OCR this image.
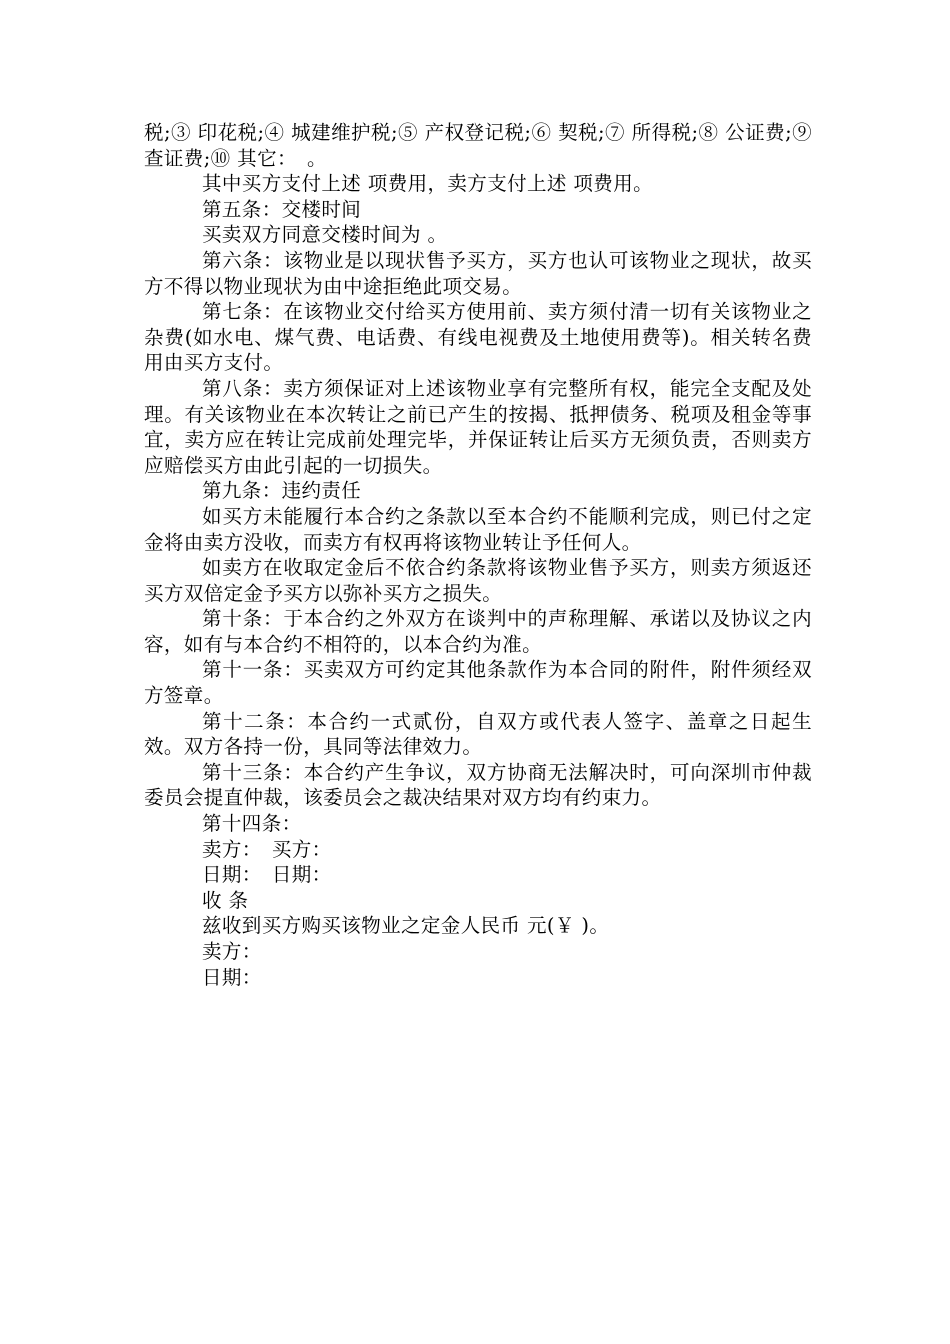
税;③ 印花税;④ 城建维护税;⑤ 产权登记税;⑥ 契税;⑦ 所得税;⑧ 公证费;⑨ 查证费;⑩ 其它：　。

其中买方支付上述 项费用，卖方支付上述 项费用。

第五条：交楼时间

买卖双方同意交楼时间为 。

第六条：该物业是以现状售予买方，买方也认可该物业之现状，故买方不得以物业现状为由中途拒绝此项交易。

第七条：在该物业交付给买方使用前、卖方须付清一切有关该物业之杂费(如水电、煤气费、电话费、有线电视费及土地使用费等)。相关转名费用由买方支付。

第八条：卖方须保证对上述该物业享有完整所有权，能完全支配及处理。有关该物业在本次转让之前已产生的按揭、抵押债务、税项及租金等事宜，卖方应在转让完成前处理完毕，并保证转让后买方无须负责，否则卖方应赔偿买方由此引起的一切损失。

第九条：违约责任

如买方未能履行本合约之条款以至本合约不能顺利完成，则已付之定金将由卖方没收，而卖方有权再将该物业转让予任何人。

如卖方在收取定金后不依合约条款将该物业售予买方，则卖方须返还买方双倍定金予买方以弥补买方之损失。

第十条：于本合约之外双方在谈判中的声称理解、承诺以及协议之内容，如有与本合约不相符的，以本合约为准。

第十一条：买卖双方可约定其他条款作为本合同的附件，附件须经双方签章。

第十二条：本合约一式贰份，自双方或代表人签字、盖章之日起生效。双方各持一份，具同等法律效力。

第十三条：本合约产生争议，双方协商无法解决时，可向深圳市仲裁委员会提直仲裁，该委员会之裁决结果对双方均有约束力。

第十四条：

卖方：　买方：

日期：　日期：

收 条

兹收到买方购买该物业之定金人民币 元(￥ )。

卖方：

日期：
